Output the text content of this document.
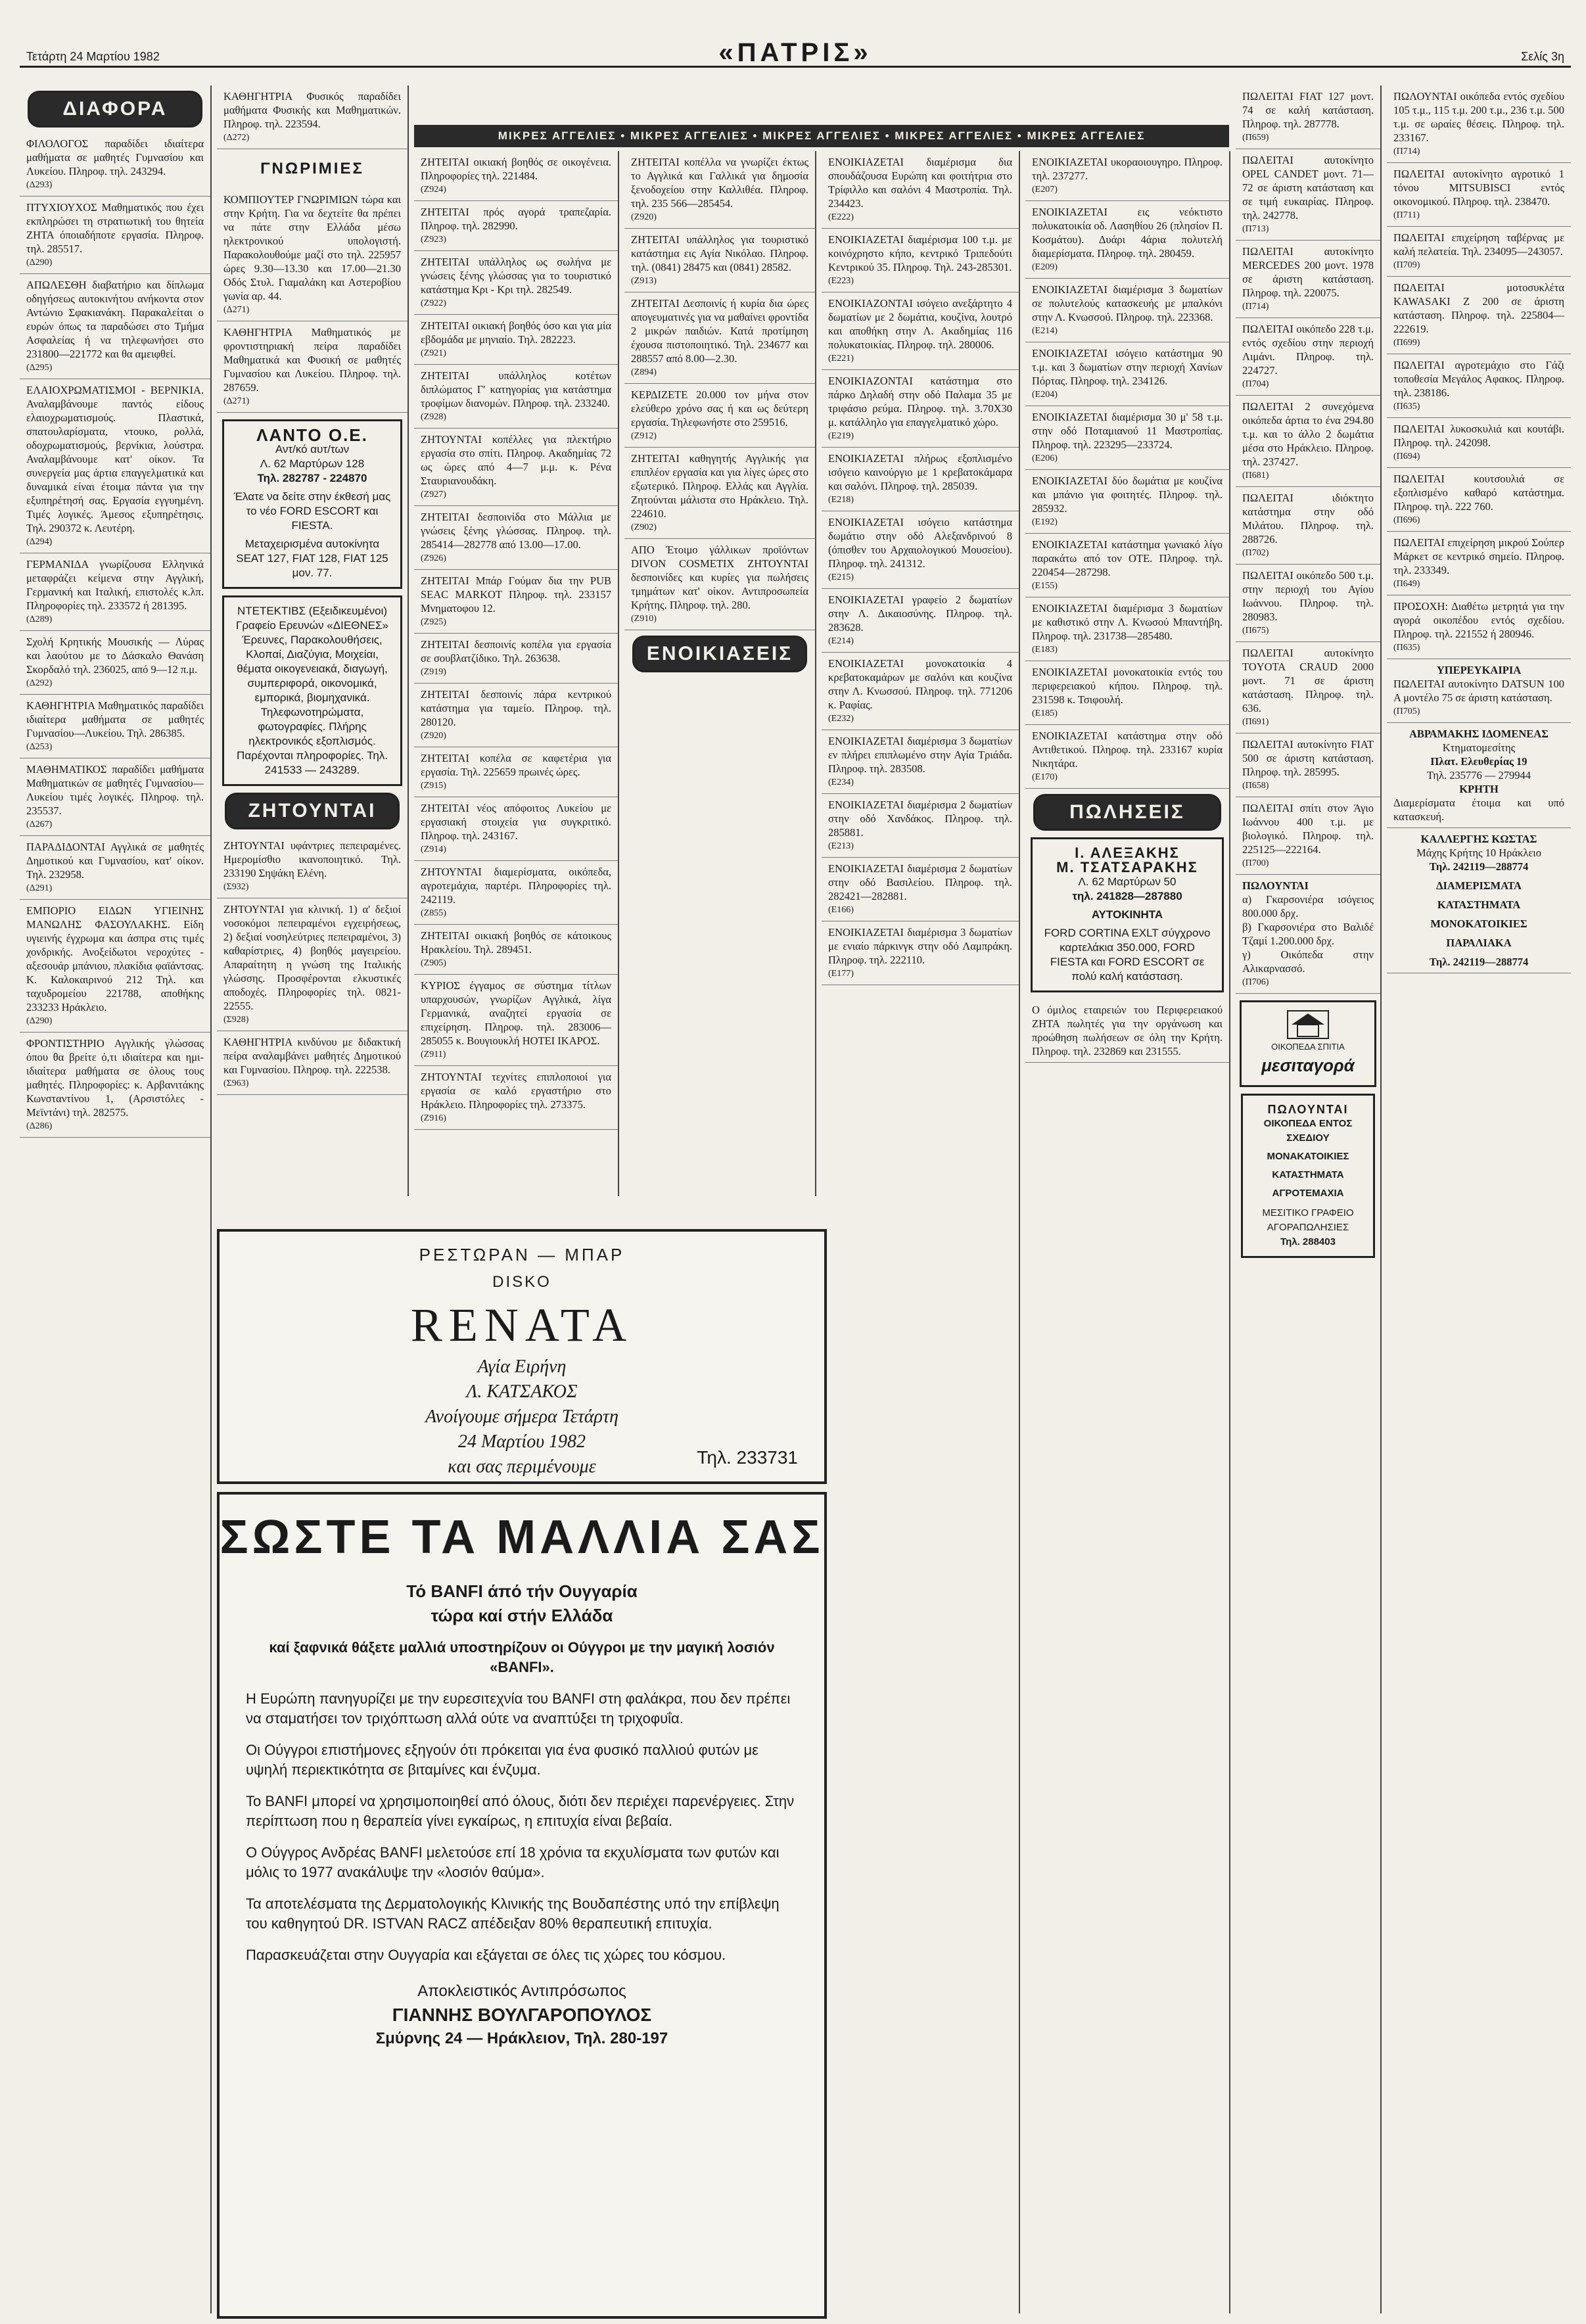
Τετάρτη 24 Μαρτίου 1982	«ΠΑΤΡΙΣ»	Σελίς 3η
ΜΙΚΡΕΣ ΑΓΓΕΛΙΕΣ • ΜΙΚΡΕΣ ΑΓΓΕΛΙΕΣ • ΜΙΚΡΕΣ ΑΓΓΕΛΙΕΣ • ΜΙΚΡΕΣ ΑΓΓΕΛΙΕΣ • ΜΙΚΡΕΣ ΑΓΓΕΛΙΕΣ
ΔΙΑΦΟΡΑ
ΦΙΛΟΛΟΓΟΣ παραδίδει ιδιαίτερα μαθήματα σε μαθητές Γυμνασίου και Λυκείου. Πληροφ. τηλ. 243294.
(Δ293)
ΠΤΥΧΙΟΥΧΟΣ Μαθηματικός που έχει εκπληρώσει τη στρατιωτική του θητεία ΖΗΤΑ όποιαδήποτε εργασία. Πληροφ. τηλ. 285517.
(Δ290)
ΑΠΩΛΕΣΘΗ διαβατήριο και δίπλωμα οδηγήσεως αυτοκινήτου ανήκοντα στον Αντώνιο Σφακιανάκη. Παρακαλείται ο ευρών όπως τα παραδώσει στο Τμήμα Ασφαλείας ή να τηλεφωνήσει στο 231800—221772 και θα αμειφθεί.
(Δ295)
ΕΛΑΙΟΧΡΩΜΑΤΙΣΜΟΙ - ΒΕΡΝΙΚΙΑ. Αναλαμβάνουμε παντός είδους ελαιοχρωματισμούς. Πλαστικά, σπατουλαρίσματα, ντουκο, ρολλά, οδοχρωματισμούς, βερνίκια, λούστρα. Αναλαμβάνουμε κατ' οίκον. Τα συνεργεία μας άρτια επαγγελματικά και δυναμικά είναι έτοιμα πάντα για την εξυπηρέτησή σας. Εργασία εγγυημένη. Τιμές λογικές. Άμεσος εξυπηρέτησις. Τηλ. 290372 κ. Λευτέρη.
(Δ294)
ΓΕΡΜΑΝΙΔΑ γνωρίζουσα Ελληνικά μεταφράζει κείμενα στην Αγγλική, Γερμανική και Ιταλική, επιστολές κ.λπ. Πληροφορίες τηλ. 233572 ή 281395.
(Δ289)
Σχολή Κρητικής Μουσικής — Λύρας και λαούτου με το Δάσκαλο Θανάση Σκορδαλό τηλ. 236025, από 9—12 π.μ.
(Δ292)
ΚΑΘΗΓΗΤΡΙΑ Μαθηματικός παραδίδει ιδιαίτερα μαθήματα σε μαθητές Γυμνασίου—Λυκείου. Τηλ. 286385.
(Δ253)
ΜΑΘΗΜΑΤΙΚΟΣ παραδίδει μαθήματα Μαθηματικών σε μαθητές Γυμνασίου—Λυκείου τιμές λογικές. Πληροφ. τηλ. 235537.
(Δ267)
ΠΑΡΑΔΙΔΟΝΤΑΙ Αγγλικά σε μαθητές Δημοτικού και Γυμνασίου, κατ' οίκον. Τηλ. 232958.
(Δ291)
ΕΜΠΟΡΙΟ ΕΙΔΩΝ ΥΓΙΕΙΝΗΣ ΜΑΝΩΛΗΣ ΦΑΣΟΥΛΑΚΗΣ. Είδη υγιεινής έγχρωμα και άσπρα στις τιμές χονδρικής. Ανοξείδωτοι νεροχύτες - αξεσουάρ μπάνιου, πλακίδια φαϊάντσας. Κ. Καλοκαιρινού 212 Τηλ. και ταχυδρομείου 221788, αποθήκης 233233 Ηράκλειο.
(Δ290)
ΦΡΟΝΤΙΣΤΗΡΙΟ Αγγλικής γλώσσας όπου θα βρείτε ό,τι ιδιαίτερα και ημι-ιδιαίτερα μαθήματα σε όλους τους μαθητές. Πληροφορίες: κ. Αρβανιτάκης Κωνσταντίνου 1, (Αρσιστόλες - Μεϊντάνι) τηλ. 282575.
(Δ286)
ΚΑΘΗΓΗΤΡΙΑ Φυσικός παραδίδει μαθήματα Φυσικής και Μαθηματικών. Πληροφ. τηλ. 223594.
(Δ272)
ΓΝΩΡΙΜΙΕΣ
ΚΟΜΠΙΟΥΤΕΡ ΓΝΩΡΙΜΙΩΝ τώρα και στην Κρήτη. Για να δεχτείτε θα πρέπει να πάτε στην Ελλάδα μέσω ηλεκτρονικού υπολογιστή. Παρακολουθούμε μαζί στο τηλ. 225957 ώρες 9.30—13.30 και 17.00—21.30 Οδός Στυλ. Γιαμαλάκη και Αστεροβίου γωνία αρ. 44.
(Δ271)
ΚΑΘΗΓΗΤΡΙΑ Μαθηματικός με φροντιστηριακή πείρα παραδίδει Μαθηματικά και Φυσική σε μαθητές Γυμνασίου και Λυκείου. Πληροφ. τηλ. 287659.
(Δ271)
ΛΑΝΤΟ Ο.Ε.
Αντ/κό αυτ/των
Λ. 62 Μαρτύρων 128
Τηλ. 282787 - 224870
Έλατε να δείτε στην έκθεσή μας το νέο FORD ESCORT και FIESTA.
Μεταχειρισμένα αυτοκίνητα SEAT 127, FIAT 128, FIAT 125 μον. 77.
ΝΤΕΤΕΚΤΙΒΣ (Εξειδικευμένοι) Γραφείο Ερευνών «ΔΙΕΘΝΕΣ» Έρευνες, Παρακολουθήσεις, Κλοπαί, Διαζύγια, Μοιχείαι, θέματα οικογενειακά, διαγωγή, συμπεριφορά, οικονομικά, εμπορικά, βιομηχανικά. Τηλεφωνοτηρώματα, φωτογραφίες. Πλήρης ηλεκτρονικός εξοπλισμός. Παρέχονται πληροφορίες. Τηλ. 241533 — 243289.
ΖΗΤΟΥΝΤΑΙ
ΖΗΤΟΥΝΤΑΙ υφάντριες πεπειραμένες. Ημερομίσθιο ικανοποιητικό. Τηλ. 233190 Σηψάκη Ελένη.
(Σ932)
ΖΗΤΟΥΝΤΑΙ για κλινική. 1) α' δεξιοί νοσοκόμοι πεπειραμένοι εγχειρήσεως, 2) δεξιαί νοσηλεύτριες πεπειραμένοι, 3) καθαρίστριες, 4) βοηθός μαγειρείου. Απαραίτητη η γνώση της Ιταλικής γλώσσης. Προσφέρονται ελκυστικές αποδοχές. Πληροφορίες τηλ. 0821-22555.
(Σ928)
ΚΑΘΗΓΗΤΡΙΑ κινδύνου με διδακτική πείρα αναλαμβάνει μαθητές Δημοτικού και Γυμνασίου. Πληροφ. τηλ. 222538.
(Σ963)
ΖΗΤΕΙΤΑΙ οικιακή βοηθός σε οικογένεια. Πληροφορίες τηλ. 221484.
(Z924)
ΖΗΤΕΙΤΑΙ πρός αγορά τραπεζαρία. Πληροφ. τηλ. 282990.
(Z923)
ΖΗΤΕΙΤΑΙ υπάλληλος ως σωλήνα με γνώσεις ξένης γλώσσας για το τουριστικό κατάστημα Κρι - Κρι τηλ. 282549.
(Z922)
ΖΗΤΕΙΤΑΙ οικιακή βοηθός όσο και για μία εβδομάδα με μηνιαίο. Τηλ. 282223.
(Z921)
ΖΗΤΕΙΤΑΙ υπάλληλος κοτέτων διπλώματος Γ' κατηγορίας για κατάστημα τροφίμων διανομών. Πληροφ. τηλ. 233240.
(Z928)
ΖΗΤΟΥΝΤΑΙ κοπέλλες για πλεκτήριο εργασία στο σπίτι. Πληροφ. Ακαδημίας 72 ως ώρες από 4—7 μ.μ. κ. Ρένα Σταυριανουδάκη.
(Z927)
ΖΗΤΕΙΤΑΙ δεσποινίδα στο Μάλλια με γνώσεις ξένης γλώσσας. Πληροφ. τηλ. 285414—282778 από 13.00—17.00.
(Z926)
ΖΗΤΕΙΤΑΙ Μπάρ Γούμαν δια την PUB SEAC MARKOT Πληροφ. τηλ. 233157 Μνηματοφου 12.
(Z925)
ΖΗΤΕΙΤΑΙ δεσποινίς κοπέλα για εργασία σε σουβλατζίδικο. Τηλ. 263638.
(Z919)
ΖΗΤΕΙΤΑΙ δεσποινίς πάρα κεντρικού κατάστημα για ταμείο. Πληροφ. τηλ. 280120.
(Z920)
ΖΗΤΕΙΤΑΙ κοπέλα σε καφετέρια για εργασία. Τηλ. 225659 πρωινές ώρες.
(Z915)
ΖΗΤΕΙΤΑΙ νέος απόφοιτος Λυκείου με εργασιακή στοιχεία για συγκριτικό. Πληροφ. τηλ. 243167.
(Z914)
ΖΗΤΟΥΝΤΑΙ διαμερίσματα, οικόπεδα, αγροτεμάχια, παρτέρι. Πληροφορίες τηλ. 242119.
(Z855)
ΖΗΤΕΙΤΑΙ οικιακή βοηθός σε κάτοικους Ηρακλείου. Τηλ. 289451.
(Z905)
ΚΥΡΙΟΣ έγγαμος σε σύστημα τίτλων υπαρχουσών, γνωρίζων Αγγλικά, λίγα Γερμανικά, αναζητεί εργασία σε επιχείρηση. Πληροφ. τηλ. 283006—285055 κ. Βουγιουκλή ΗΟΤΕΙ ΙΚΑΡΟΣ.
(Z911)
ΖΗΤΟΥΝΤΑΙ τεχνίτες επιπλοποιοί για εργασία σε καλό εργαστήριο στο Ηράκλειο. Πληροφορίες τηλ. 273375.
(Z916)
ΖΗΤΕΙΤΑΙ κοπέλλα να γνωρίζει έκτως το Αγγλικά και Γαλλικά για δημοσία ξενοδοχείου στην Καλλιθέα. Πληροφ. τηλ. 235 566—285454.
(Z920)
ΖΗΤΕΙΤΑΙ υπάλληλος για τουριστικό κατάστημα εις Αγία Νικόλαο. Πληροφ. τηλ. (0841) 28475 και (0841) 28582.
(Z913)
ΖΗΤΕΙΤΑΙ Δεσποινίς ή κυρία δια ώρες απογευματινές για να μαθαίνει φροντίδα 2 μικρών παιδιών. Κατά προτίμηση έχουσα πιστοποιητικό. Τηλ. 234677 και 288557 από 8.00—2.30.
(Z894)
ΚΕΡΔΙΖΕΤΕ 20.000 τον μήνα στον ελεύθερο χρόνο σας ή και ως δεύτερη εργασία. Τηλεφωνήστε στο 259516.
(Z912)
ΖΗΤΕΙΤΑΙ καθηγητής Αγγλικής για επιπλέον εργασία και για λίγες ώρες στο εξωτερικό. Πληροφ. Ελλάς και Αγγλία. Ζητούνται μάλιστα στο Ηράκλειο. Τηλ. 224610.
(Z902)
ΑΠΟ Έτοιμο γάλλικων προϊόντων DIVON COSMETIX ΖΗΤΟΥΝΤΑΙ δεσποινίδες και κυρίες για πωλήσεις τμημάτων κατ' οίκον. Αντιπροσωπεία Κρήτης. Πληροφ. τηλ. 280.
(Z910)
ΕΝΟΙΚΙΑΣΕΙΣ
ΕΝΟΙΚΙΑΖΕΤΑΙ διαμέρισμα δια σπουδάζουσα Ευρώπη και φοιτήτρια στο Τρίφιλλο και σαλόνι 4 Μαστροπία. Τηλ. 234423.
(E222)
ΕΝΟΙΚΙΑΖΕΤΑΙ διαμέρισμα 100 τ.μ. με κοινόχρηστο κήπο, κεντρικό Τριπεδούτι Κεντρικού 35. Πληροφ. Τηλ. 243-285301.
(E223)
ΕΝΟΙΚΙΑΖΟΝΤΑΙ ισόγειο ανεξάρτητο 4 δωματίων με 2 δωμάτια, κουζίνα, λουτρό και αποθήκη στην Λ. Ακαδημίας 116 πολυκατοικίας. Πληροφ. τηλ. 280006.
(E221)
ΕΝΟΙΚΙΑΖΟΝΤΑΙ κατάστημα στο πάρκο Δηλαδή στην οδό Παλαμα 35 με τριφάσιο ρεύμα. Πληροφ. τηλ. 3.70Χ30 μ. κατάλληλο για επαγγελματικό χώρο.
(E219)
ΕΝΟΙΚΙΑΖΕΤΑΙ πλήρως εξοπλισμένο ισόγειο καινούργιο με 1 κρεβατοκάμαρα και σαλόνι. Πληροφ. τηλ. 285039.
(E218)
ΕΝΟΙΚΙΑΖΕΤΑΙ ισόγειο κατάστημα δωμάτιο στην οδό Αλεξανδρινού 8 (όπισθεν του Αρχαιολογικού Μουσείου). Πληροφ. τηλ. 241312.
(E215)
ΕΝΟΙΚΙΑΖΕΤΑΙ γραφείο 2 δωματίων στην Λ. Δικαιοσύνης. Πληροφ. τηλ. 283628.
(E214)
ΕΝΟΙΚΙΑΖΕΤΑΙ μονοκατοικία 4 κρεβατοκαμάρων με σαλόνι και κουζίνα στην Λ. Κνωσσού. Πληροφ. τηλ. 771206 κ. Ραφίας.
(E232)
ΕΝΟΙΚΙΑΖΕΤΑΙ διαμέρισμα 3 δωματίων εν πλήρει επιπλωμένο στην Αγία Τριάδα. Πληροφ. τηλ. 283508.
(E234)
ΕΝΟΙΚΙΑΖΕΤΑΙ διαμέρισμα 2 δωματίων στην οδό Χανδάκος. Πληροφ. τηλ. 285881.
(E213)
ΕΝΟΙΚΙΑΖΕΤΑΙ διαμέρισμα 2 δωματίων στην οδό Βασιλείου. Πληροφ. τηλ. 282421—282881.
(E166)
ΕΝΟΙΚΙΑΖΕΤΑΙ διαμέρισμα 3 δωματίων με ενιαίο πάρκινγκ στην οδό Λαμπράκη. Πληροφ. τηλ. 222110.
(E177)
ΕΝΟΙΚΙΑΖΕΤΑΙ υκοραοιουγηρο. Πληροφ. τηλ. 237277.
(E207)
ΕΝΟΙΚΙΑΖΕΤΑΙ εις νεόκτιστο πολυκατοικία οδ. Λασηθίου 26 (πλησίον Π. Κοσμάτου). Δυάρι 4άρια πολυτελή διαμερίσματα. Πληροφ. τηλ. 280459.
(E209)
ΕΝΟΙΚΙΑΖΕΤΑΙ διαμέρισμα 3 δωματίων σε πολυτελούς κατασκευής με μπαλκόνι στην Λ. Κνωσσού. Πληροφ. τηλ. 223368.
(E214)
ΕΝΟΙΚΙΑΖΕΤΑΙ ισόγειο κατάστημα 90 τ.μ. και 3 δωματίων στην περιοχή Χανίων Πόρτας. Πληροφ. τηλ. 234126.
(E204)
ΕΝΟΙΚΙΑΖΕΤΑΙ διαμέρισμα 30 μ' 58 τ.μ. στην οδό Ποταμιανού 11 Μαστροπίας. Πληροφ. τηλ. 223295—233724.
(E206)
ΕΝΟΙΚΙΑΖΕΤΑΙ δύο δωμάτια με κουζίνα και μπάνιο για φοιτητές. Πληροφ. τηλ. 285932.
(E192)
ΕΝΟΙΚΙΑΖΕΤΑΙ κατάστημα γωνιακό λίγο παρακάτω από τον ΟΤΕ. Πληροφ. τηλ. 220454—287298.
(E155)
ΕΝΟΙΚΙΑΖΕΤΑΙ διαμέρισμα 3 δωματίων με καθιστικό στην Λ. Κνωσού Μπαντήβη. Πληροφ. τηλ. 231738—285480.
(E183)
ΕΝΟΙΚΙΑΖΕΤΑΙ μονοκατοικία εντός του περιφερειακού κήπου. Πληροφ. τηλ. 231598 κ. Τσιφουλή.
(E185)
ΕΝΟΙΚΙΑΖΕΤΑΙ κατάστημα στην οδό Αντιθετικού. Πληροφ. τηλ. 233167 κυρία Νικητάρα.
(E170)
ΠΩΛΗΣΕΙΣ
Ι. ΑΛΕΞΑΚΗΣ
Μ. ΤΣΑΤΣΑΡΑΚΗΣ
Λ. 62 Μαρτύρων 50
τηλ. 241828—287880
ΑΥΤΟΚΙΝΗΤΑ
FORD CORTINA EXLT σύγχρονο καρτελάκια 350.000, FORD FIESTA και FORD ESCORT σε πολύ καλή κατάσταση.
Ο όμιλος εταιρειών του Περιφερειακού ΖΗΤΑ πωλητές για την οργάνωση και προώθηση πωλήσεων σε όλη την Κρήτη. Πληροφ. τηλ. 232869 και 231555.
ΠΩΛΕΙΤΑΙ FIAT 127 μοντ. 74 σε καλή κατάσταση. Πληροφ. τηλ. 287778.
(Π659)
ΠΩΛΕΙΤΑΙ αυτοκίνητο OPEL CANDET μοντ. 71—72 σε άριστη κατάσταση και σε τιμή ευκαιρίας. Πληροφ. τηλ. 242778.
(Π713)
ΠΩΛΕΙΤΑΙ αυτοκίνητο MERCEDES 200 μοντ. 1978 σε άριστη κατάσταση. Πληροφ. τηλ. 220075.
(Π714)
ΠΩΛΕΙΤΑΙ οικόπεδο 228 τ.μ. εντός σχεδίου στην περιοχή Λιμάνι. Πληροφ. τηλ. 224727.
(Π704)
ΠΩΛΕΙΤΑΙ 2 συνεχόμενα οικόπεδα άρτια το ένα 294.80 τ.μ. και το άλλο 2 δωμάτια μέσα στο Ηράκλειο. Πληροφ. τηλ. 237427.
(Π681)
ΠΩΛΕΙΤΑΙ ιδιόκτητο κατάστημα στην οδό Μιλάτου. Πληροφ. τηλ. 288726.
(Π702)
ΠΩΛΕΙΤΑΙ οικόπεδο 500 τ.μ. στην περιοχή του Αγίου Ιωάννου. Πληροφ. τηλ. 280983.
(Π675)
ΠΩΛΕΙΤΑΙ αυτοκίνητο TOYOTA CRAUD 2000 μοντ. 71 σε άριστη κατάσταση. Πληροφ. τηλ. 636.
(Π691)
ΠΩΛΕΙΤΑΙ αυτοκίνητο FIAT 500 σε άριστη κατάσταση. Πληροφ. τηλ. 285995.
(Π658)
ΠΩΛΕΙΤΑΙ σπίτι στον Άγιο Ιωάννου 400 τ.μ. με βιολογικό. Πληροφ. τηλ. 225125—222164.
(Π700)
ΠΩΛΟΥΝΤΑΙ
α) Γκαρσονιέρα ισόγειος 800.000 δρχ.
β) Γκαρσονιέρα στο Βαλιδέ Τζαμί 1.200.000 δρχ.
γ) Οικόπεδα στην Αλικαρνασσό.
(Π706)
ΟΙΚΟΠΕΔΑ ΣΠΙΤΙΑ
μεσιταγορά
ΠΩΛΟΥΝΤΑΙ
ΟΙΚΟΠΕΔΑ ΕΝΤΟΣ ΣΧΕΔΙΟΥ
ΜΟΝΑΚΑΤΟΙΚΙΕΣ
ΚΑΤΑΣΤΗΜΑΤΑ
ΑΓΡΟΤΕΜΑΧΙΑ
ΜΕΣΙΤΙΚΟ ΓΡΑΦΕΙΟ ΑΓΟΡΑΠΩΛΗΣΙΕΣ
Τηλ. 288403
ΠΩΛΟΥΝΤΑΙ οικόπεδα εντός σχεδίου 105 τ.μ., 115 τ.μ. 200 τ.μ., 236 τ.μ. 500 τ.μ. σε ωραίες θέσεις. Πληροφ. τηλ. 233167.
(Π714)
ΠΩΛΕΙΤΑΙ αυτοκίνητο αγροτικό 1 τόνου MITSUBISCI εντός οικονομικού. Πληροφ. τηλ. 238470.
(Π711)
ΠΩΛΕΙΤΑΙ επιχείρηση ταβέρνας με καλή πελατεία. Τηλ. 234095—243057.
(Π709)
ΠΩΛΕΙΤΑΙ μοτοσυκλέτα KAWASAKI Z 200 σε άριστη κατάσταση. Πληροφ. τηλ. 225804—222619.
(Π699)
ΠΩΛΕΙΤΑΙ αγροτεμάχιο στο Γάζι τοποθεσία Μεγάλος Αφακος. Πληροφ. τηλ. 238186.
(Π635)
ΠΩΛΕΙΤΑΙ λυκοσκυλιά και κουτάβι. Πληροφ. τηλ. 242098.
(Π694)
ΠΩΛΕΙΤΑΙ κουτσουλιά σε εξοπλισμένο καθαρό κατάστημα. Πληροφ. τηλ. 222 760.
(Π696)
ΠΩΛΕΙΤΑΙ επιχείρηση μικρού Σούπερ Μάρκετ σε κεντρικό σημείο. Πληροφ. τηλ. 233349.
(Π649)
ΠΡΟΣΟΧΗ: Διαθέτω μετρητά για την αγορά οικοπέδου εντός σχεδίου. Πληροφ. τηλ. 221552 ή 280946.
(Π635)
ΥΠΕΡΕΥΚΑΙΡΙΑ
ΠΩΛΕΙΤΑΙ αυτοκίνητο DATSUN 100 A μοντέλο 75 σε άριστη κατάσταση.
(Π705)
ΑΒΡΑΜΑΚΗΣ ΙΔΟΜΕΝΕΑΣ
Κτηματομεσίτης
Πλατ. Ελευθερίας 19
Τηλ. 235776 — 279944
ΚΡΗΤΗ
Διαμερίσματα έτοιμα και υπό κατασκευή.
ΚΑΛΛΕΡΓΗΣ ΚΩΣΤΑΣ
Μάχης Κρήτης 10 Ηράκλειο
Τηλ. 242119—288774
ΔΙΑΜΕΡΙΣΜΑΤΑ
ΚΑΤΑΣΤΗΜΑΤΑ
ΜΟΝΟΚΑΤΟΙΚΙΕΣ
ΠΑΡΑΛΙΑΚΑ
Τηλ. 242119—288774
ΡΕΣΤΩΡΑΝ — ΜΠΑΡ
DISKO
RENATA
Αγία Ειρήνη
Λ. ΚΑΤΣΑΚΟΣ
Ανοίγουμε σήμερα Τετάρτη
24 Μαρτίου 1982
και σας περιμένουμε	Τηλ. 233731
ΣΩΣΤΕ ΤΑ ΜΑΛΛΙΑ ΣΑΣ
Τό BANFI άπό τήν Ουγγαρία
τώρα καί στήν Ελλάδα
καί ξαφνικά θάξετε μαλλιά υποστηρίζουν οι Ούγγροι με την μαγική λοσιόν «BANFI».
Η Ευρώπη πανηγυρίζει με την ευρεσιτεχνία του BANFI στη φαλάκρα, που δεν πρέπει να σταματήσει τον τριχόπτωση αλλά ούτε να αναπτύξει τη τριχοφυΐα.
Οι Ούγγροι επιστήμονες εξηγούν ότι πρόκειται για ένα φυσικό παλλιού φυτών με υψηλή περιεκτικότητα σε βιταμίνες και ένζυμα.
Το BANFI μπορεί να χρησιμοποιηθεί από όλους, διότι δεν περιέχει παρενέργειες. Στην περίπτωση που η θεραπεία γίνει εγκαίρως, η επιτυχία είναι βεβαία.
Ο Ούγγρος Ανδρέας BANFI μελετούσε επί 18 χρόνια τα εκχυλίσματα των φυτών και μόλις το 1977 ανακάλυψε την «λοσιόν θαύμα».
Τα αποτελέσματα της Δερματολογικής Κλινικής της Βουδαπέστης υπό την επίβλεψη του καθηγητού DR. ISTVAN RACZ απέδειξαν 80% θεραπευτική επιτυχία.
Παρασκευάζεται στην Ουγγαρία και εξάγεται σε όλες τις χώρες του κόσμου.
Αποκλειστικός Αντιπρόσωπος
ΓΙΑΝΝΗΣ ΒΟΥΛΓΑΡΟΠΟΥΛΟΣ
Σμύρνης 24 — Ηράκλειον, Τηλ. 280-197
